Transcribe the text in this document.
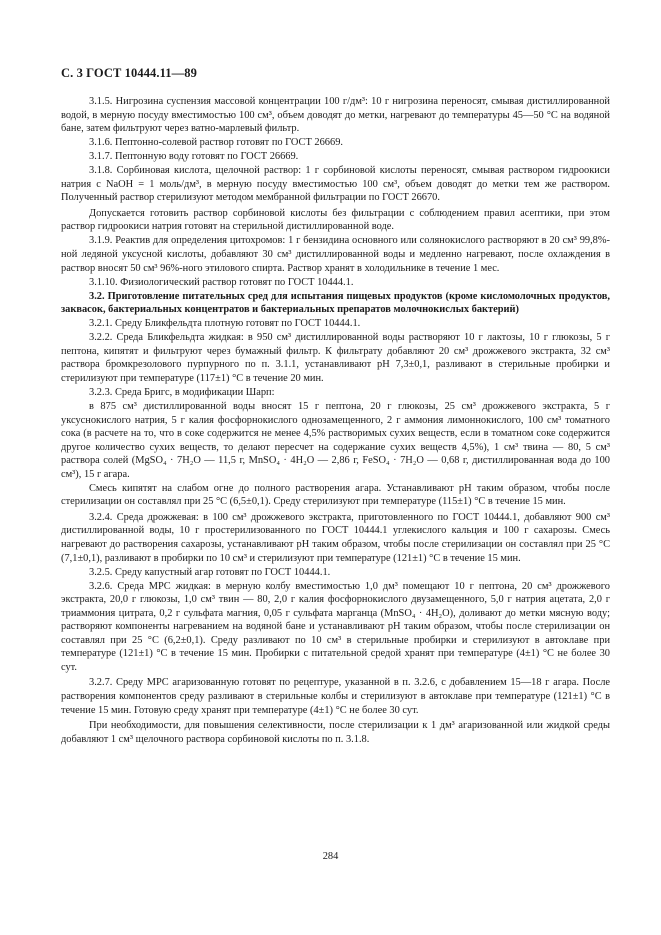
С. 3 ГОСТ 10444.11—89

3.1.5. Нигрозина суспензия массовой концентрации 100 г/дм³: 10 г нигрозина переносят, смывая дистиллированной водой, в мерную посуду вместимостью 100 см³, объем доводят до метки, нагревают до температуры 45—50 °С на водяной бане, затем фильтруют через ватно-марлевый фильтр.

3.1.6. Пептонно-солевой раствор готовят по ГОСТ 26669.

3.1.7. Пептонную воду готовят по ГОСТ 26669.

3.1.8. Сорбиновая кислота, щелочной раствор: 1 г сорбиновой кислоты переносят, смывая раствором гидроокиси натрия с NaOH = 1 моль/дм³, в мерную посуду вместимостью 100 см³, объем доводят до метки тем же раствором. Полученный раствор стерилизуют методом мембранной фильтрации по ГОСТ 26670.

Допускается готовить раствор сорбиновой кислоты без фильтрации с соблюдением правил асептики, при этом раствор гидроокиси натрия готовят на стерильной дистиллированной воде.

3.1.9. Реактив для определения цитохромов: 1 г бензидина основного или солянокислого растворяют в 20 см³ 99,8%-ной ледяной уксусной кислоты, добавляют 30 см³ дистиллированной воды и медленно нагревают, после охлаждения в раствор вносят 50 см³ 96%-ного этилового спирта. Раствор хранят в холодильнике в течение 1 мес.

3.1.10. Физиологический раствор готовят по ГОСТ 10444.1.

3.2. Приготовление питательных сред для испытания пищевых продуктов (кроме кисломолочных продуктов, заквасок, бактериальных концентратов и бактериальных препаратов молочнокислых бактерий)

3.2.1. Среду Бликфельдта плотную готовят по ГОСТ 10444.1.

3.2.2. Среда Бликфельдта жидкая: в 950 см³ дистиллированной воды растворяют 10 г лактозы, 10 г глюкозы, 5 г пептона, кипятят и фильтруют через бумажный фильтр. К фильтрату добавляют 20 см³ дрожжевого экстракта, 32 см³ раствора бромкрезолового пурпурного по п. 3.1.1, устанавливают рН 7,3±0,1, разливают в стерильные пробирки и стерилизуют при температуре (117±1) °С в течение 20 мин.

3.2.3. Среда Бригс, в модификации Шарп:

в 875 см³ дистиллированной воды вносят 15 г пептона, 20 г глюкозы, 25 см³ дрожжевого экстракта, 5 г уксуснокислого натрия, 5 г калия фосфорнокислого однозамещенного, 2 г аммония лимоннокислого, 100 см³ томатного сока (в расчете на то, что в соке содержится не менее 4,5% растворимых сухих веществ, если в томатном соке содержится другое количество сухих веществ, то делают пересчет на содержание сухих веществ 4,5%), 1 см³ твина — 80, 5 см³ раствора солей (MgSO₄ · 7H₂O — 11,5 г, MnSO₄ · 4H₂O — 2,86 г, FeSO₄ · 7H₂O — 0,68 г, дистиллированная вода до 100 см³), 15 г агара.

Смесь кипятят на слабом огне до полного растворения агара. Устанавливают рН таким образом, чтобы после стерилизации он составлял при 25 °С (6,5±0,1). Среду стерилизуют при температуре (115±1) °С в течение 15 мин.

3.2.4. Среда дрожжевая: в 100 см³ дрожжевого экстракта, приготовленного по ГОСТ 10444.1, добавляют 900 см³ дистиллированной воды, 10 г простерилизованного по ГОСТ 10444.1 углекислого кальция и 100 г сахарозы. Смесь нагревают до растворения сахарозы, устанавливают рН таким образом, чтобы после стерилизации он составлял при 25 °С (7,1±0,1), разливают в пробирки по 10 см³ и стерилизуют при температуре (121±1) °С в течение 15 мин.

3.2.5. Среду капустный агар готовят по ГОСТ 10444.1.

3.2.6. Среда MPC жидкая: в мерную колбу вместимостью 1,0 дм³ помещают 10 г пептона, 20 см³ дрожжевого экстракта, 20,0 г глюкозы, 1,0 см³ твин — 80, 2,0 г калия фосфорнокислого двузамещенного, 5,0 г натрия ацетата, 2,0 г триаммония цитрата, 0,2 г сульфата магния, 0,05 г сульфата марганца (MnSO₄ · 4H₂O), доливают до метки мясную воду; растворяют компоненты нагреванием на водяной бане и устанавливают рН таким образом, чтобы после стерилизации он составлял при 25 °С (6,2±0,1). Среду разливают по 10 см³ в стерильные пробирки и стерилизуют в автоклаве при температуре (121±1) °С в течение 15 мин. Пробирки с питательной средой хранят при температуре (4±1) °С не более 30 сут.

3.2.7. Среду MPC агаризованную готовят по рецептуре, указанной в п. 3.2.6, с добавлением 15—18 г агара. После растворения компонентов среду разливают в стерильные колбы и стерилизуют в автоклаве при температуре (121±1) °С в течение 15 мин. Готовую среду хранят при температуре (4±1) °С не более 30 сут.

При необходимости, для повышения селективности, после стерилизации к 1 дм³ агаризованной или жидкой среды добавляют 1 см³ щелочного раствора сорбиновой кислоты по п. 3.1.8.

284
